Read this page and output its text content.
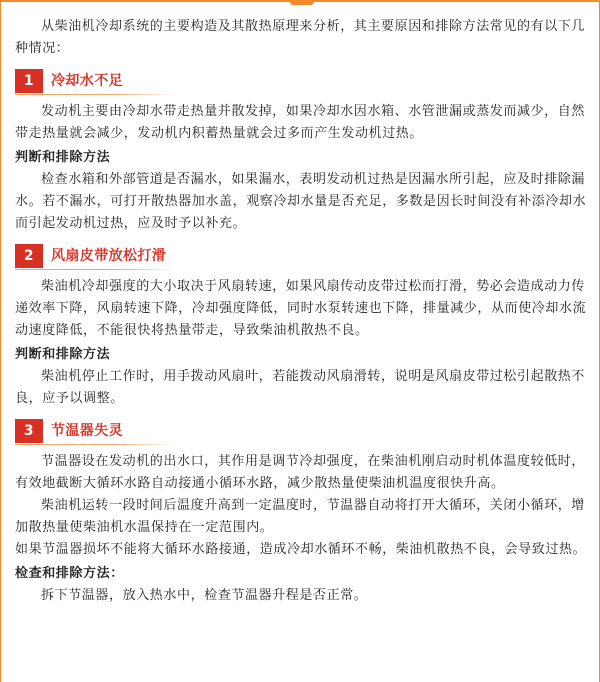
从柴油机冷却系统的主要构造及其散热原理来分析，其主要原因和排除方法常见的有以下几种情况：

1	冷却水不足

发动机主要由冷却水带走热量并散发掉，如果冷却水因水箱、水管泄漏或蒸发而减少，自然带走热量就会减少，发动机内积蓄热量就会过多而产生发动机过热。

判断和排除方法

检查水箱和外部管道是否漏水，如果漏水，表明发动机过热是因漏水所引起，应及时排除漏水。若不漏水，可打开散热器加水盖，观察冷却水量是否充足，多数是因长时间没有补添冷却水而引起发动机过热，应及时予以补充。

2	风扇皮带放松打滑

柴油机冷却强度的大小取决于风扇转速，如果风扇传动皮带过松而打滑，势必会造成动力传递效率下降，风扇转速下降，冷却强度降低，同时水泵转速也下降，排量减少，从而使冷却水流动速度降低，不能很快将热量带走，导致柴油机散热不良。

判断和排除方法

柴油机停止工作时，用手拨动风扇叶，若能拨动风扇滑转，说明是风扇皮带过松引起散热不良，应予以调整。

3	节温器失灵

节温器设在发动机的出水口，其作用是调节冷却强度，在柴油机刚启动时机体温度较低时，有效地截断大循环水路自动接通小循环水路，减少散热量使柴油机温度很快升高。

柴油机运转一段时间后温度升高到一定温度时，节温器自动将打开大循环，关闭小循环，增加散热量使柴油机水温保持在一定范围内。

如果节温器损坏不能将大循环水路接通，造成冷却水循环不畅，柴油机散热不良，会导致过热。

检查和排除方法：

拆下节温器，放入热水中，检查节温器升程是否正常。
